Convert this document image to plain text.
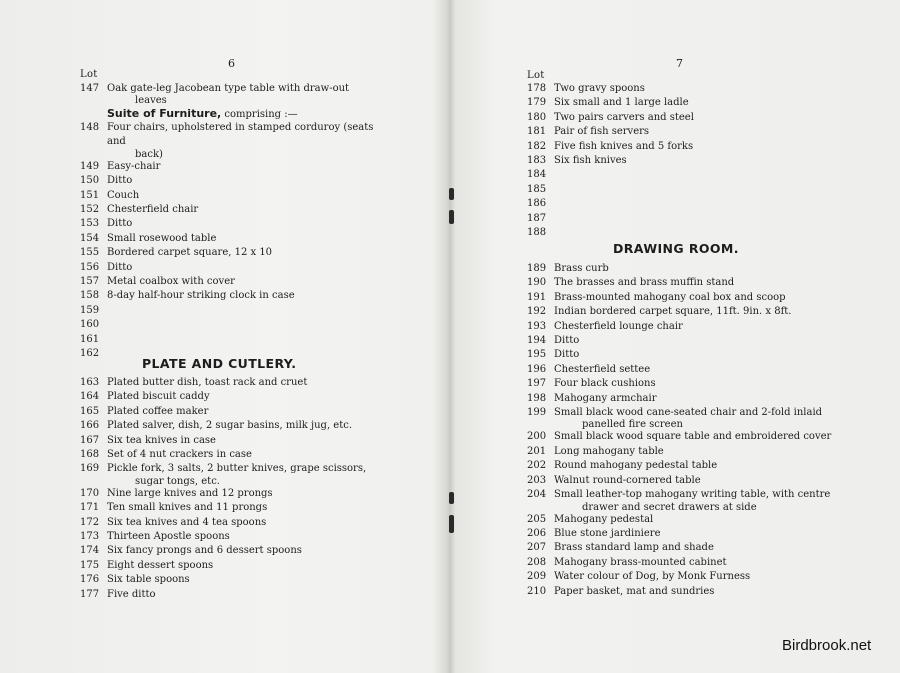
6
Lot
147 Oak gate-leg Jacobean type table with draw-out
leaves
Suite of Furniture, comprising :—
148 Four chairs, upholstered in stamped corduroy (seats and
back)
149 Easy-chair
150 Ditto
151 Couch
152 Chesterfield chair
153 Ditto
154 Small rosewood table
155 Bordered carpet square, 12 x 10
156 Ditto
157 Metal coalbox with cover
158 8-day half-hour striking clock in case
159
160
161
162
PLATE AND CUTLERY.
163 Plated butter dish, toast rack and cruet
164 Plated biscuit caddy
165 Plated coffee maker
166 Plated salver, dish, 2 sugar basins, milk jug, etc.
167 Six tea knives in case
168 Set of 4 nut crackers in case
169 Pickle fork, 3 salts, 2 butter knives, grape scissors,
sugar tongs, etc.
170 Nine large knives and 12 prongs
171 Ten small knives and 11 prongs
172 Six tea knives and 4 tea spoons
173 Thirteen Apostle spoons
174 Six fancy prongs and 6 dessert spoons
175 Eight dessert spoons
176 Six table spoons
177 Five ditto
7
Lot
178 Two gravy spoons
179 Six small and 1 large ladle
180 Two pairs carvers and steel
181 Pair of fish servers
182 Five fish knives and 5 forks
183 Six fish knives
184
185
186
187
188
DRAWING ROOM.
189 Brass curb
190 The brasses and brass muffin stand
191 Brass-mounted mahogany coal box and scoop
192 Indian bordered carpet square, 11ft. 9in. x 8ft.
193 Chesterfield lounge chair
194 Ditto
195 Ditto
196 Chesterfield settee
197 Four black cushions
198 Mahogany armchair
199 Small black wood cane-seated chair and 2-fold inlaid
panelled fire screen
200 Small black wood square table and embroidered cover
201 Long mahogany table
202 Round mahogany pedestal table
203 Walnut round-cornered table
204 Small leather-top mahogany writing table, with centre
drawer and secret drawers at side
205 Mahogany pedestal
206 Blue stone jardiniere
207 Brass standard lamp and shade
208 Mahogany brass-mounted cabinet
209 Water colour of Dog, by Monk Furness
210 Paper basket, mat and sundries
Birdbrook.net
